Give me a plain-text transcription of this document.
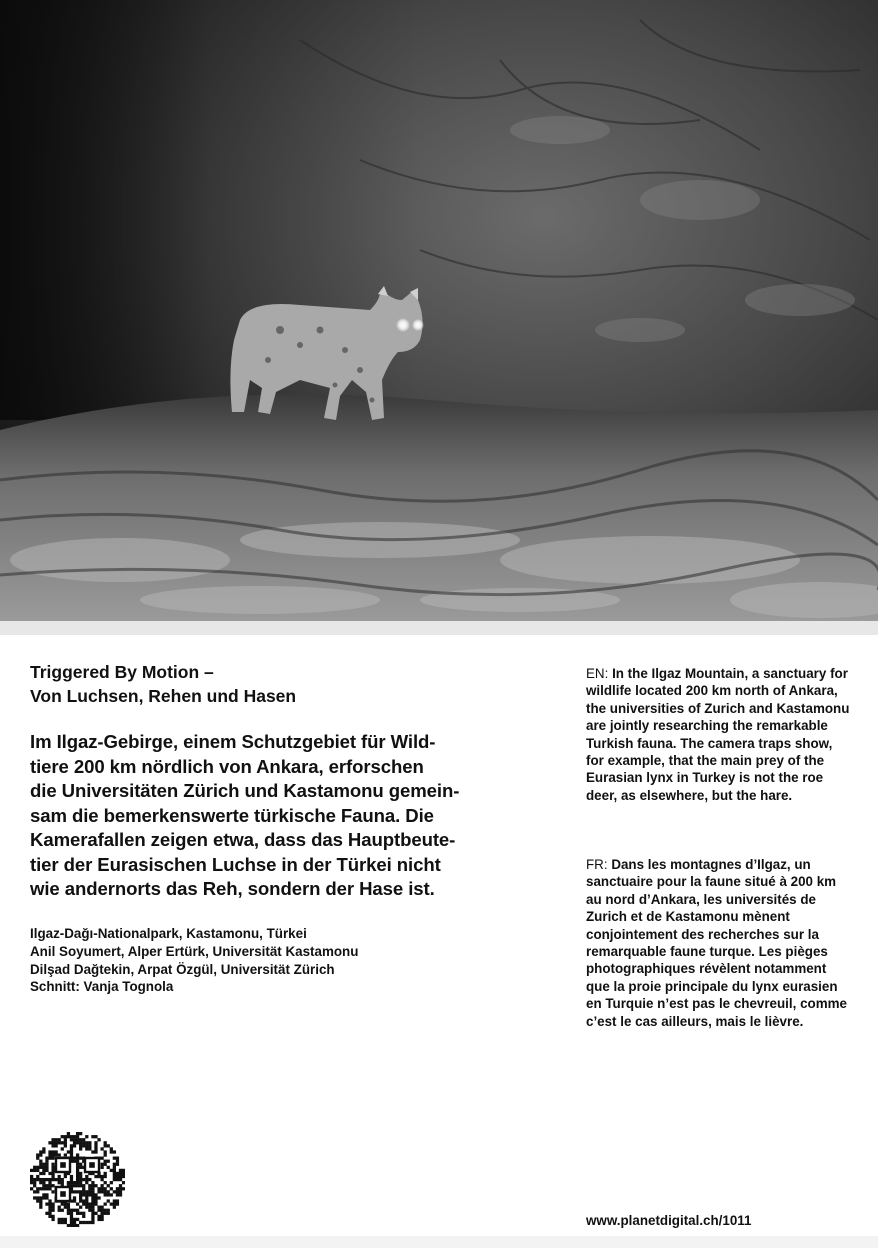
Triggered By Motion –
Von Luchsen, Rehen und Hasen
Im Ilgaz-Gebirge, einem Schutzgebiet für Wild-
tiere 200 km nördlich von Ankara, erforschen
die Universitäten Zürich und Kastamonu gemein-
sam die bemerkenswerte türkische Fauna. Die
Kamerafallen zeigen etwa, dass das Hauptbeute-
tier der Eurasischen Luchse in der Türkei nicht
wie andernorts das Reh, sondern der Hase ist.
Ilgaz-Dağı-Nationalpark, Kastamonu, Türkei
Anil Soyumert, Alper Ertürk, Universität Kastamonu
Dilşad Dağtekin, Arpat Özgül, Universität Zürich
Schnitt: Vanja Tognola
EN: In the Ilgaz Mountain, a sanctuary for wildlife located 200 km north of Ankara, the universities of Zurich and Kastamonu are jointly researching the remarkable Turkish fauna. The camera traps show, for example, that the main prey of the Eurasian lynx in Turkey is not the roe deer, as elsewhere, but the hare.
FR: Dans les montagnes d’Ilgaz, un sanctuaire pour la faune situé à 200 km au nord d’Ankara, les universités de Zurich et de Kastamonu mènent conjointement des recherches sur la remarquable faune turque. Les pièges photographiques révèlent notamment que la proie principale du lynx eurasien en Turquie n’est pas le chevreuil, comme c’est le cas ailleurs, mais le lièvre.
www.planetdigital.ch/1011
